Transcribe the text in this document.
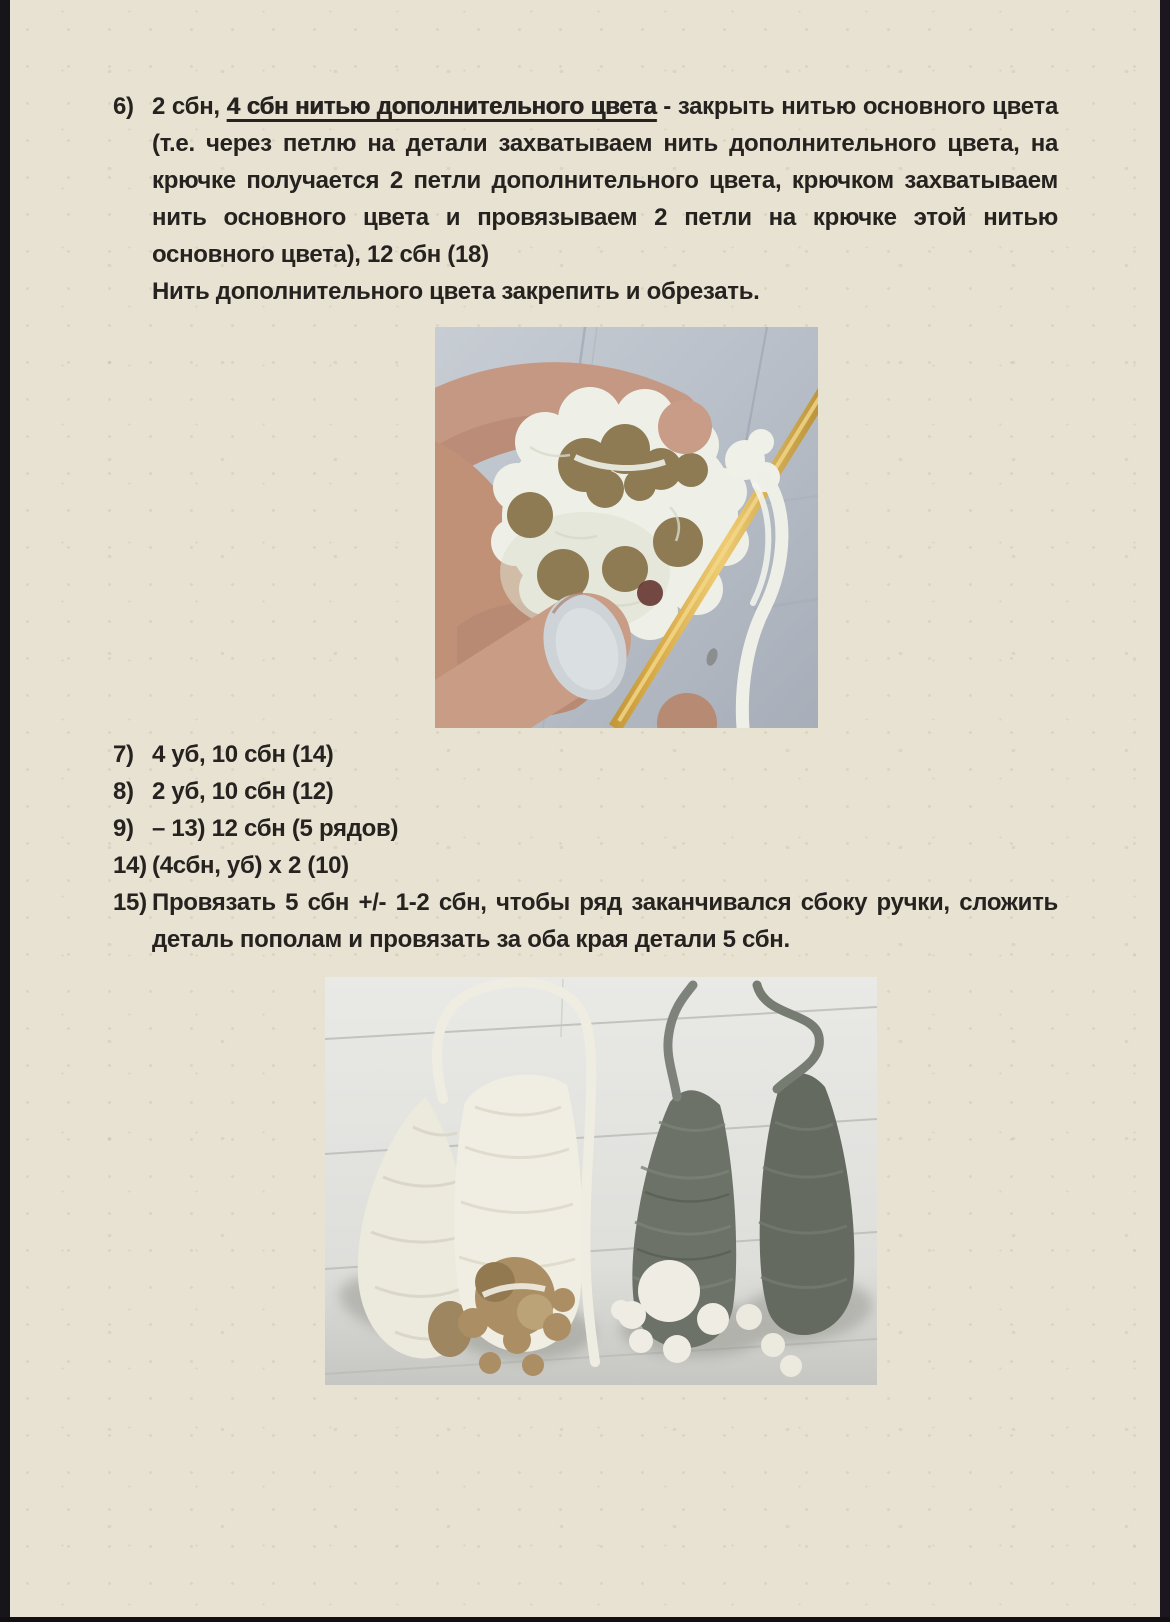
6) 2 сбн, 4 сбн нитью дополнительного цвета - закрыть нитью основного цвета (т.е. через петлю на детали захватываем нить дополнительного цвета, на крючке получается 2 петли дополнительного цвета, крючком захватываем нить основного цвета и провязываем 2 петли на крючке этой нитью основного цвета), 12 сбн (18)

Нить дополнительного цвета закрепить и обрезать.

7) 4 уб, 10 сбн (14)

8) 2 уб, 10 сбн (12)

9) – 13) 12 сбн (5 рядов)

14) (4сбн, уб) х 2 (10)

15) Провязать 5 сбн +/- 1-2 сбн, чтобы ряд заканчивался сбоку ручки, сложить деталь пополам и провязать за оба края детали 5 сбн.
